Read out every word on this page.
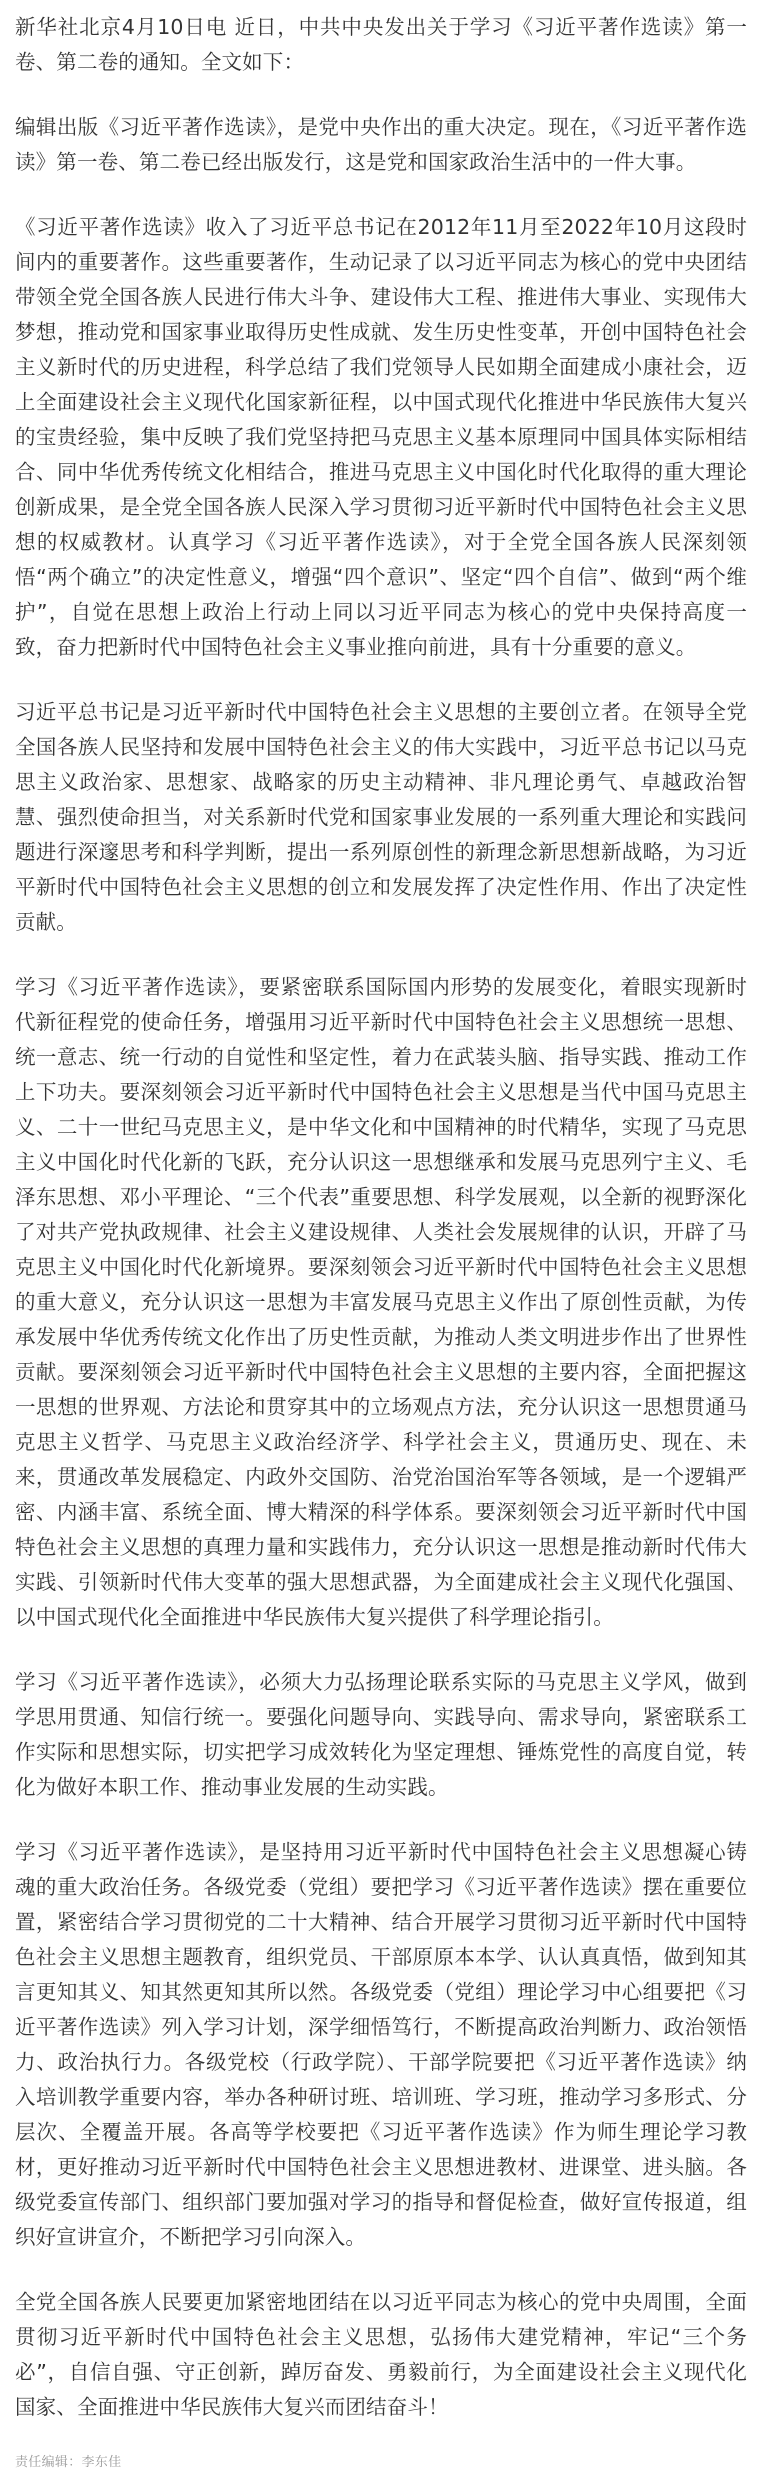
新华社北京4月10日电 近日，中共中央发出关于学习《习近平著作选读》第一卷、第二卷的通知。全文如下：

编辑出版《习近平著作选读》，是党中央作出的重大决定。现在，《习近平著作选读》第一卷、第二卷已经出版发行，这是党和国家政治生活中的一件大事。

《习近平著作选读》收入了习近平总书记在2012年11月至2022年10月这段时间内的重要著作。这些重要著作，生动记录了以习近平同志为核心的党中央团结带领全党全国各族人民进行伟大斗争、建设伟大工程、推进伟大事业、实现伟大梦想，推动党和国家事业取得历史性成就、发生历史性变革，开创中国特色社会主义新时代的历史进程，科学总结了我们党领导人民如期全面建成小康社会，迈上全面建设社会主义现代化国家新征程，以中国式现代化推进中华民族伟大复兴的宝贵经验，集中反映了我们党坚持把马克思主义基本原理同中国具体实际相结合、同中华优秀传统文化相结合，推进马克思主义中国化时代化取得的重大理论创新成果，是全党全国各族人民深入学习贯彻习近平新时代中国特色社会主义思想的权威教材。认真学习《习近平著作选读》，对于全党全国各族人民深刻领悟“两个确立”的决定性意义，增强“四个意识”、坚定“四个自信”、做到“两个维护”，自觉在思想上政治上行动上同以习近平同志为核心的党中央保持高度一致，奋力把新时代中国特色社会主义事业推向前进，具有十分重要的意义。

习近平总书记是习近平新时代中国特色社会主义思想的主要创立者。在领导全党全国各族人民坚持和发展中国特色社会主义的伟大实践中，习近平总书记以马克思主义政治家、思想家、战略家的历史主动精神、非凡理论勇气、卓越政治智慧、强烈使命担当，对关系新时代党和国家事业发展的一系列重大理论和实践问题进行深邃思考和科学判断，提出一系列原创性的新理念新思想新战略，为习近平新时代中国特色社会主义思想的创立和发展发挥了决定性作用、作出了决定性贡献。

学习《习近平著作选读》，要紧密联系国际国内形势的发展变化，着眼实现新时代新征程党的使命任务，增强用习近平新时代中国特色社会主义思想统一思想、统一意志、统一行动的自觉性和坚定性，着力在武装头脑、指导实践、推动工作上下功夫。要深刻领会习近平新时代中国特色社会主义思想是当代中国马克思主义、二十一世纪马克思主义，是中华文化和中国精神的时代精华，实现了马克思主义中国化时代化新的飞跃，充分认识这一思想继承和发展马克思列宁主义、毛泽东思想、邓小平理论、“三个代表”重要思想、科学发展观，以全新的视野深化了对共产党执政规律、社会主义建设规律、人类社会发展规律的认识，开辟了马克思主义中国化时代化新境界。要深刻领会习近平新时代中国特色社会主义思想的重大意义，充分认识这一思想为丰富发展马克思主义作出了原创性贡献，为传承发展中华优秀传统文化作出了历史性贡献，为推动人类文明进步作出了世界性贡献。要深刻领会习近平新时代中国特色社会主义思想的主要内容，全面把握这一思想的世界观、方法论和贯穿其中的立场观点方法，充分认识这一思想贯通马克思主义哲学、马克思主义政治经济学、科学社会主义，贯通历史、现在、未来，贯通改革发展稳定、内政外交国防、治党治国治军等各领域，是一个逻辑严密、内涵丰富、系统全面、博大精深的科学体系。要深刻领会习近平新时代中国特色社会主义思想的真理力量和实践伟力，充分认识这一思想是推动新时代伟大实践、引领新时代伟大变革的强大思想武器，为全面建成社会主义现代化强国、以中国式现代化全面推进中华民族伟大复兴提供了科学理论指引。

学习《习近平著作选读》，必须大力弘扬理论联系实际的马克思主义学风，做到学思用贯通、知信行统一。要强化问题导向、实践导向、需求导向，紧密联系工作实际和思想实际，切实把学习成效转化为坚定理想、锤炼党性的高度自觉，转化为做好本职工作、推动事业发展的生动实践。

学习《习近平著作选读》，是坚持用习近平新时代中国特色社会主义思想凝心铸魂的重大政治任务。各级党委（党组）要把学习《习近平著作选读》摆在重要位置，紧密结合学习贯彻党的二十大精神、结合开展学习贯彻习近平新时代中国特色社会主义思想主题教育，组织党员、干部原原本本学、认认真真悟，做到知其言更知其义、知其然更知其所以然。各级党委（党组）理论学习中心组要把《习近平著作选读》列入学习计划，深学细悟笃行，不断提高政治判断力、政治领悟力、政治执行力。各级党校（行政学院）、干部学院要把《习近平著作选读》纳入培训教学重要内容，举办各种研讨班、培训班、学习班，推动学习多形式、分层次、全覆盖开展。各高等学校要把《习近平著作选读》作为师生理论学习教材，更好推动习近平新时代中国特色社会主义思想进教材、进课堂、进头脑。各级党委宣传部门、组织部门要加强对学习的指导和督促检查，做好宣传报道，组织好宣讲宣介，不断把学习引向深入。

全党全国各族人民要更加紧密地团结在以习近平同志为核心的党中央周围，全面贯彻习近平新时代中国特色社会主义思想，弘扬伟大建党精神，牢记“三个务必”，自信自强、守正创新，踔厉奋发、勇毅前行，为全面建设社会主义现代化国家、全面推进中华民族伟大复兴而团结奋斗！

责任编辑：李东佳
